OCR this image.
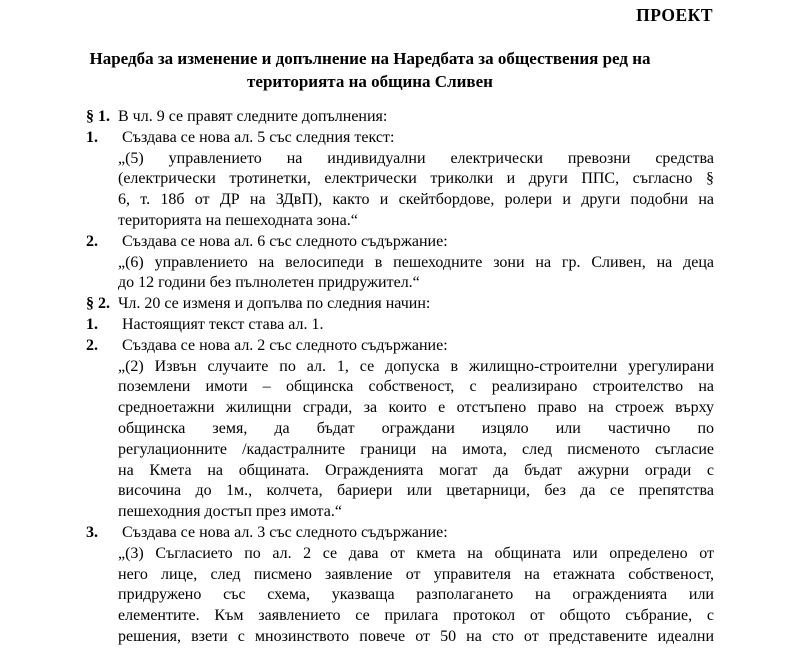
ПРОЕКТ
Наредба за изменение и допълнение на Наредбата за обществения ред на
територията на община Сливен
§ 1. В чл. 9 се правят следните допълнения:
1. Създава се нова ал. 5 със следния текст:
„(5) управлението на индивидуални електрически превозни средства
(електрически тротинетки, електрически триколки и други ППС, съгласно §
6, т. 18б от ДР на ЗДвП), както и скейтбордове, ролери и други подобни на
територията на пешеходната зона.“
2. Създава се нова ал. 6 със следното съдържание:
„(6) управлението на велосипеди в пешеходните зони на гр. Сливен, на деца
до 12 години без пълнолетен придружител.“
§ 2. Чл. 20 се изменя и допълва по следния начин:
1. Настоящият текст става ал. 1.
2. Създава се нова ал. 2 със следното съдържание:
„(2) Извън случаите по ал. 1, се допуска в жилищно-строителни урегулирани
поземлени имоти – общинска собственост, с реализирано строителство на
средноетажни жилищни сгради, за които е отстъпено право на строеж върху
общинска земя, да бъдат ограждани изцяло или частично по
регулационните /кадастралните граници на имота, след писменото съгласие
на Кмета на общината. Огражденията могат да бъдат ажурни огради с
височина до 1м., колчета, бариери или цветарници, без да се препятства
пешеходния достъп през имота.“
3. Създава се нова ал. 3 със следното съдържание:
„(3) Съгласието по ал. 2 се дава от кмета на общината или определено от
него лице, след писмено заявление от управителя на етажната собственост,
придружено със схема, указваща разполагането на огражденията или
елементите. Към заявлението се прилага протокол от общото събрание, с
решения, взети с мнозинството повече от 50 на сто от представените идеални
